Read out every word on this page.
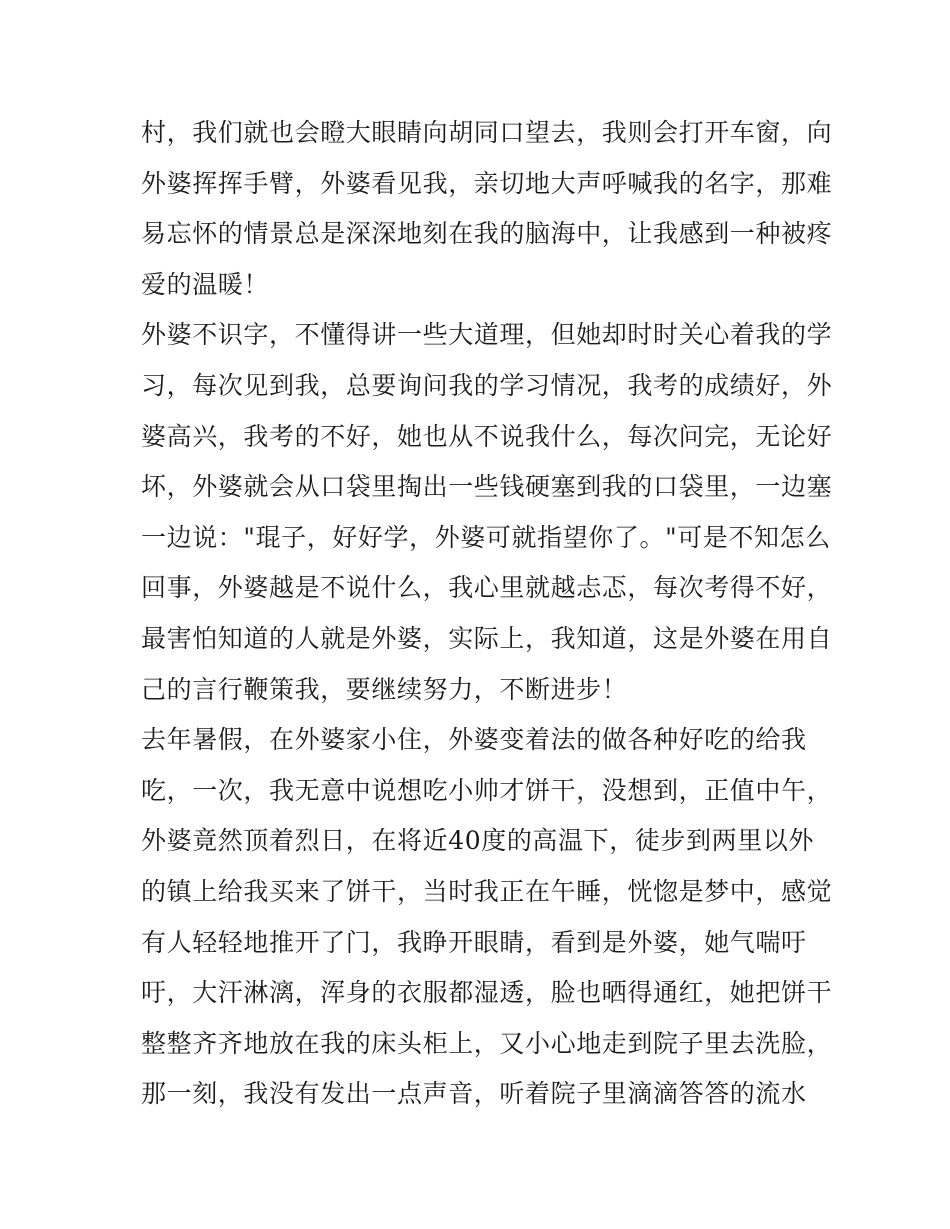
村，我们就也会瞪大眼睛向胡同口望去，我则会打开车窗，向
外婆挥挥手臂，外婆看见我，亲切地大声呼喊我的名字，那难
易忘怀的情景总是深深地刻在我的脑海中，让我感到一种被疼
爱的温暖！
外婆不识字，不懂得讲一些大道理，但她却时时关心着我的学
习，每次见到我，总要询问我的学习情况，我考的成绩好，外
婆高兴，我考的不好，她也从不说我什么，每次问完，无论好
坏，外婆就会从口袋里掏出一些钱硬塞到我的口袋里，一边塞
一边说："琨子，好好学，外婆可就指望你了。"可是不知怎么
回事，外婆越是不说什么，我心里就越忐忑，每次考得不好，
最害怕知道的人就是外婆，实际上，我知道，这是外婆在用自
己的言行鞭策我，要继续努力，不断进步！
去年暑假，在外婆家小住，外婆变着法的做各种好吃的给我
吃，一次，我无意中说想吃小帅才饼干，没想到，正值中午，
外婆竟然顶着烈日，在将近40度的高温下，徒步到两里以外
的镇上给我买来了饼干，当时我正在午睡，恍惚是梦中，感觉
有人轻轻地推开了门，我睁开眼睛，看到是外婆，她气喘吁
吁，大汗淋漓，浑身的衣服都湿透，脸也晒得通红，她把饼干
整整齐齐地放在我的床头柜上，又小心地走到院子里去洗脸，
那一刻，我没有发出一点声音，听着院子里滴滴答答的流水
